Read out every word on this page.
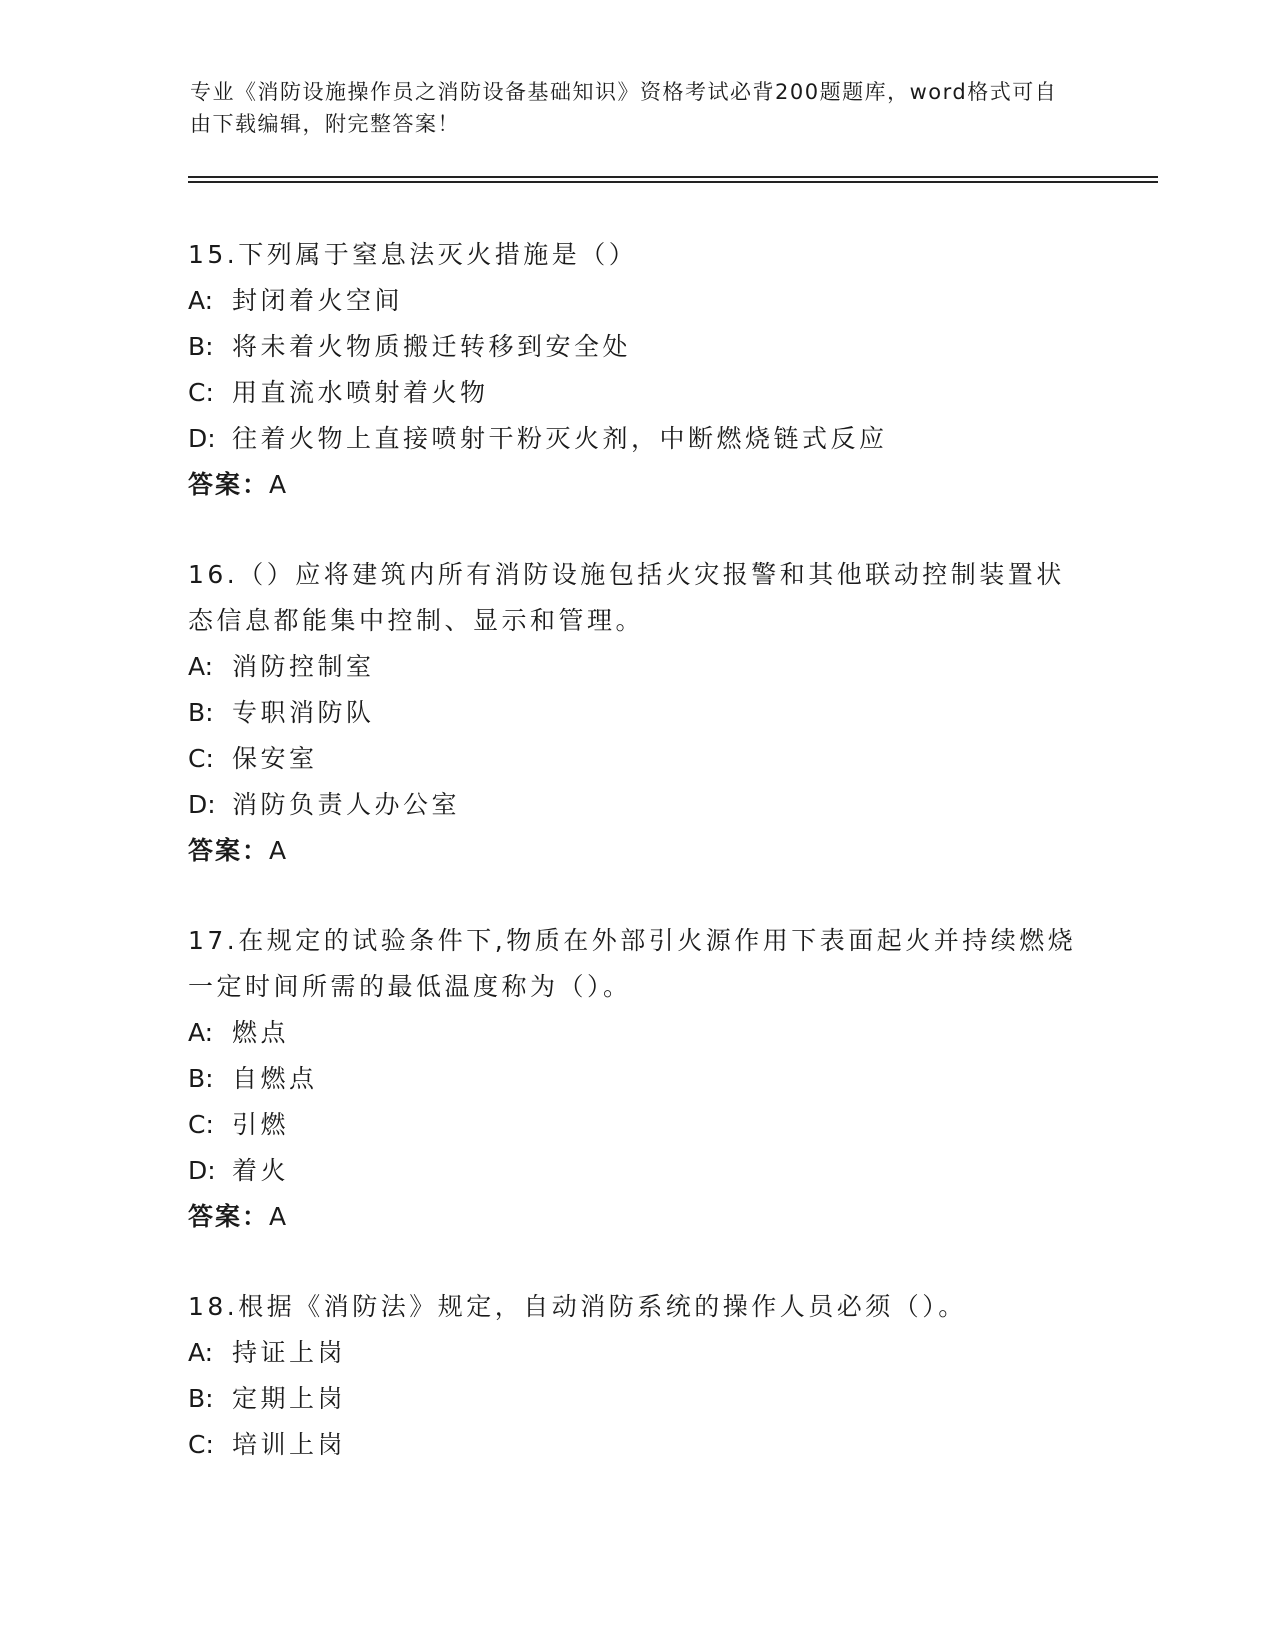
专业《消防设施操作员之消防设备基础知识》资格考试必背200题题库，word格式可自由下载编辑，附完整答案！
15.下列属于窒息法灭火措施是（）
A: 封闭着火空间
B: 将未着火物质搬迁转移到安全处
C: 用直流水喷射着火物
D: 往着火物上直接喷射干粉灭火剂，中断燃烧链式反应
答案：A
16.（）应将建筑内所有消防设施包括火灾报警和其他联动控制装置状态信息都能集中控制、显示和管理。
A: 消防控制室
B: 专职消防队
C: 保安室
D: 消防负责人办公室
答案：A
17.在规定的试验条件下,物质在外部引火源作用下表面起火并持续燃烧一定时间所需的最低温度称为（）。
A: 燃点
B: 自燃点
C: 引燃
D: 着火
答案：A
18.根据《消防法》规定，自动消防系统的操作人员必须（）。
A: 持证上岗
B: 定期上岗
C: 培训上岗
